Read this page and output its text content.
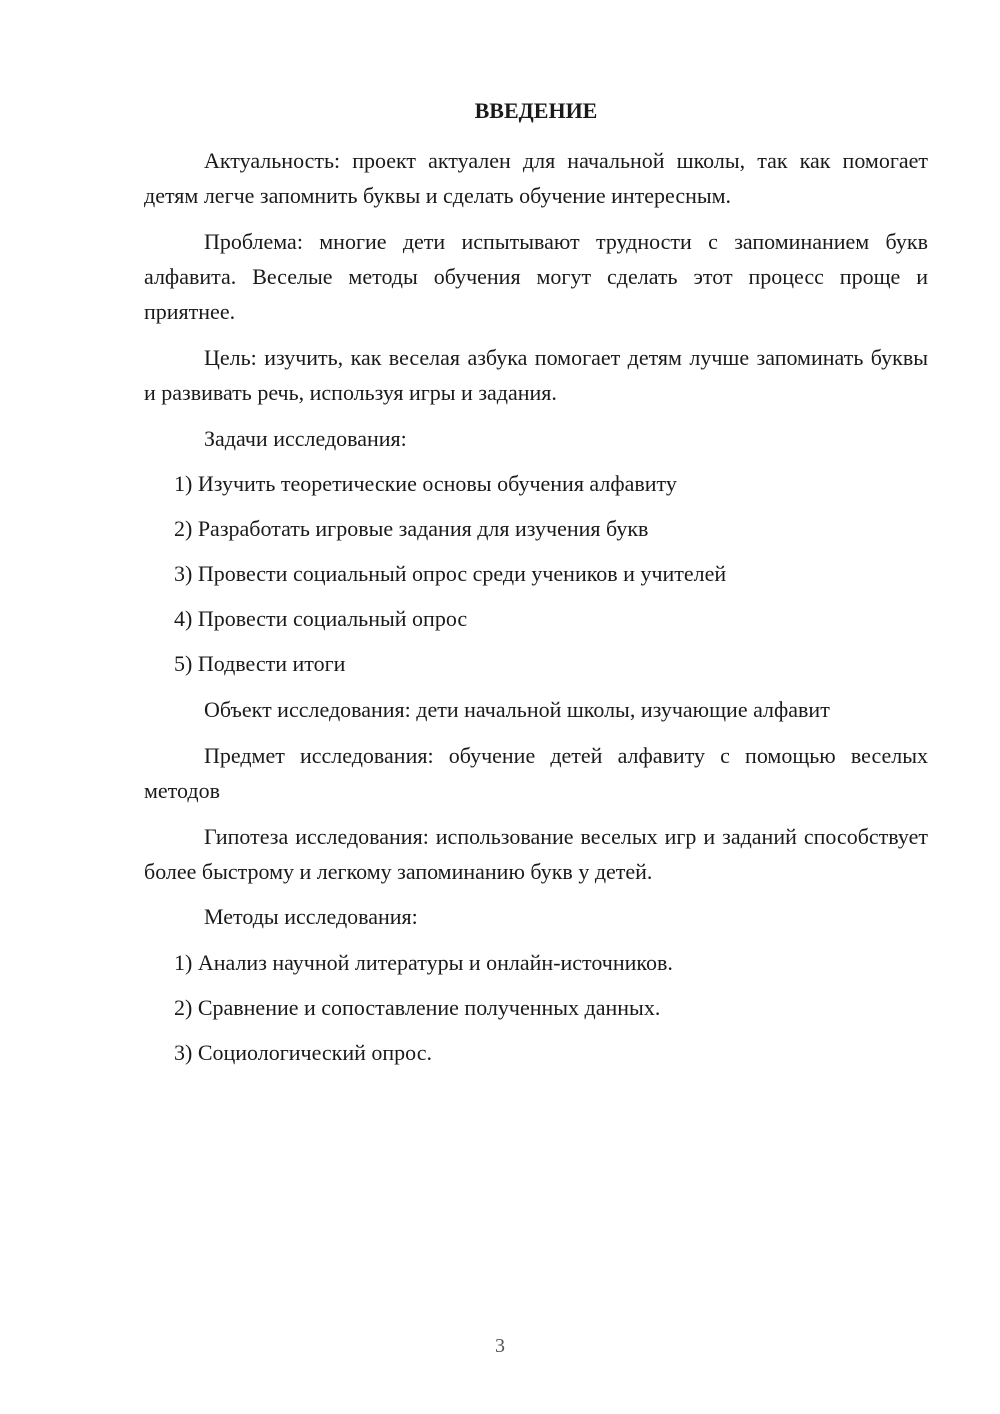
ВВЕДЕНИЕ

Актуальность: проект актуален для начальной школы, так как помогает детям легче запомнить буквы и сделать обучение интересным.

Проблема: многие дети испытывают трудности с запоминанием букв алфавита. Веселые методы обучения могут сделать этот процесс проще и приятнее.

Цель: изучить, как веселая азбука помогает детям лучше запоминать буквы и развивать речь, используя игры и задания.

Задачи исследования:

1) Изучить теоретические основы обучения алфавиту

2) Разработать игровые задания для изучения букв

3) Провести социальный опрос среди учеников и учителей

4) Провести социальный опрос

5) Подвести итоги

Объект исследования: дети начальной школы, изучающие алфавит

Предмет исследования: обучение детей алфавиту с помощью веселых методов

Гипотеза исследования: использование веселых игр и заданий способствует более быстрому и легкому запоминанию букв у детей.

Методы исследования:

1) Анализ научной литературы и онлайн-источников.

2) Сравнение и сопоставление полученных данных.

3) Социологический опрос.

3
